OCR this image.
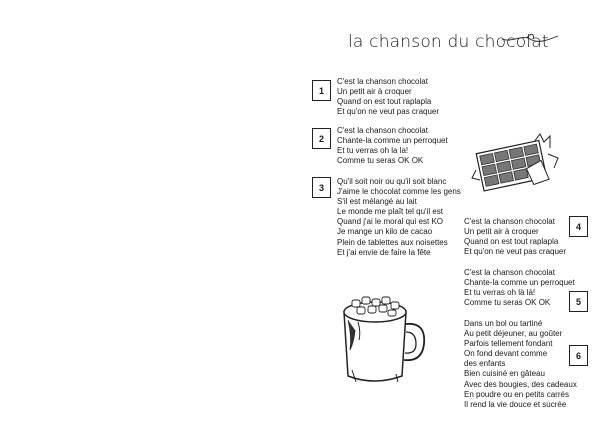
la chanson du chocolat
1
C'est la chanson chocolat
Un petit air à croquer
Quand on est tout raplapla
Et qu'on ne veut pas craquer
2
C'est la chanson chocolat
Chante-la comme un perroquet
Et tu verras oh la la!
Comme tu seras OK OK
3
Qu'il soit noir ou qu'il soit blanc
J'aime le chocolat comme les gens
S'il est mélangé au lait
Le monde me plaît tel qu'il est
Quand j'ai le moral qui est KO
Je mange un kilo de cacao
Plein de tablettes aux noisettes
Et j'ai envie de faire la fête
C'est la chanson chocolat
Un petit air à croquer
Quand on est tout raplapla
Et qu'on ne veut pas craquer
4
C'est la chanson chocolat
Chante-la comme un perroquet
Et tu verras oh là là!
Comme tu seras OK OK	5
Dans un bol ou tartiné
Au petit déjeuner, au goûter
Parfois tellement fondant
On fond devant comme
des enfants
Bien cuisiné en gâteau
Avec des bougies, des cadeaux
En poudre ou en petits carrés
Il rend la vie douce et sucrée
6
